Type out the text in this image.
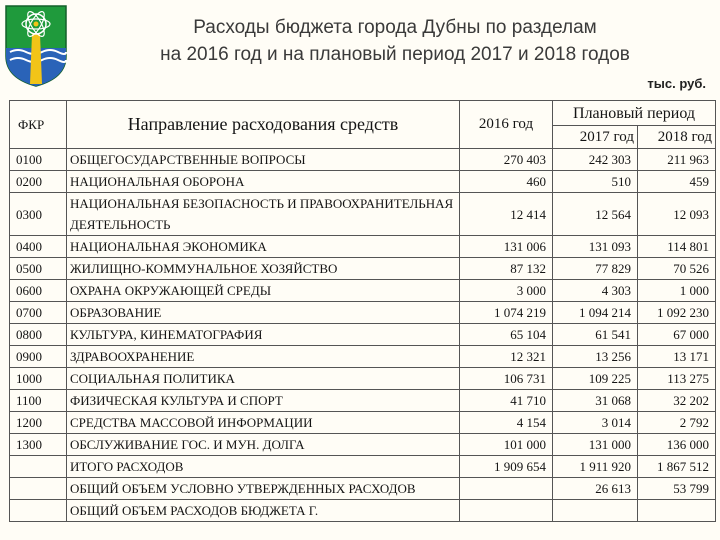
Расходы бюджета города Дубны по разделам
на 2016 год и на плановый период 2017 и 2018 годов
тыс. руб.
ФКР	Направление расходования средств	2016 год	Плановый период	
			2017 год	2018 год
0100	ОБЩЕГОСУДАРСТВЕННЫЕ ВОПРОСЫ	270 403	242 303	211 963
0200	НАЦИОНАЛЬНАЯ ОБОРОНА	460	510	459
0300	НАЦИОНАЛЬНАЯ БЕЗОПАСНОСТЬ И ПРАВООХРАНИТЕЛЬНАЯ ДЕЯТЕЛЬНОСТЬ	12 414	12 564	12 093
0400	НАЦИОНАЛЬНАЯ ЭКОНОМИКА	131 006	131 093	114 801
0500	ЖИЛИЩНО-КОММУНАЛЬНОЕ ХОЗЯЙСТВО	87 132	77 829	70 526
0600	ОХРАНА ОКРУЖАЮЩЕЙ СРЕДЫ	3 000	4 303	1 000
0700	ОБРАЗОВАНИЕ	1 074 219	1 094 214	1 092 230
0800	КУЛЬТУРА, КИНЕМАТОГРАФИЯ	65 104	61 541	67 000
0900	ЗДРАВООХРАНЕНИЕ	12 321	13 256	13 171
1000	СОЦИАЛЬНАЯ ПОЛИТИКА	106 731	109 225	113 275
1100	ФИЗИЧЕСКАЯ КУЛЬТУРА И СПОРТ	41 710	31 068	32 202
1200	СРЕДСТВА МАССОВОЙ ИНФОРМАЦИИ	4 154	3 014	2 792
1300	ОБСЛУЖИВАНИЕ ГОС. И МУН. ДОЛГА	101 000	131 000	136 000
	ИТОГО РАСХОДОВ	1 909 654	1 911 920	1 867 512
	ОБЩИЙ ОБЪЕМ УСЛОВНО УТВЕРЖДЕННЫХ РАСХОДОВ		26 613	53 799
	ОБЩИЙ ОБЪЕМ РАСХОДОВ БЮДЖЕТА Г.			
